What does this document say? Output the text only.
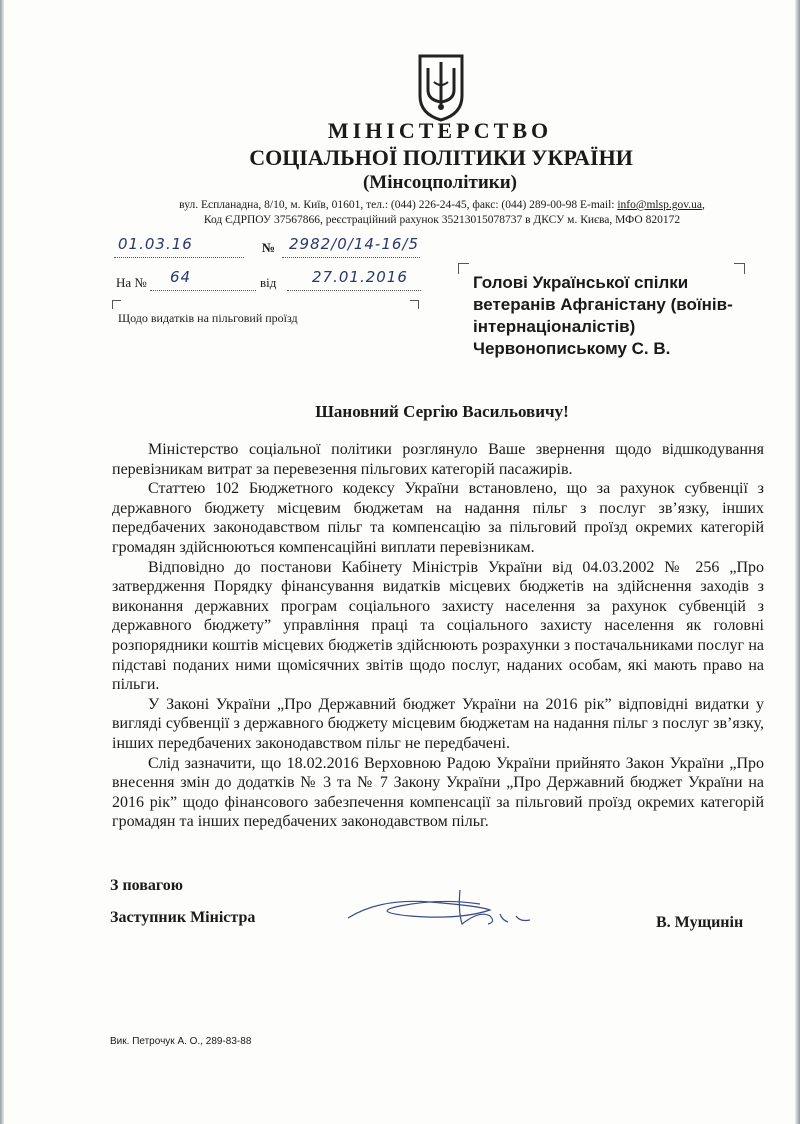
МІНІСТЕРСТВО
СОЦІАЛЬНОЇ ПОЛІТИКИ УКРАЇНИ
(Мінсоцполітики)
вул. Еспланадна, 8/10, м. Київ, 01601, тел.: (044) 226-24-45, факс: (044) 289-00-98 E-mail: info@mlsp.gov.ua,
Код ЄДРПОУ 37567866, реєстраційний рахунок 35213015078737 в ДКСУ м. Києва, МФО 820172
01.03.16	№ 2982/0/14-16/5
На № 64	від 27.01.2016
Щодо видатків на пільговий проїзд
Голові Української спілки
ветеранів Афганістану (воїнів-
інтернаціоналістів)
Червонопиському С. В.
Шановний Сергію Васильовичу!

Міністерство соціальної політики розглянуло Ваше звернення щодо відшкодування перевізникам витрат за перевезення пільгових категорій пасажирів.

Статтею 102 Бюджетного кодексу України встановлено, що за рахунок субвенції з державного бюджету місцевим бюджетам на надання пільг з послуг зв’язку, інших передбачених законодавством пільг та компенсацію за пільговий проїзд окремих категорій громадян здійснюються компенсаційні виплати перевізникам.

Відповідно до постанови Кабінету Міністрів України від 04.03.2002 № 256 „Про затвердження Порядку фінансування видатків місцевих бюджетів на здійснення заходів з виконання державних програм соціального захисту населення за рахунок субвенцій з державного бюджету” управління праці та соціального захисту населення як головні розпорядники коштів місцевих бюджетів здійснюють розрахунки з постачальниками послуг на підставі поданих ними щомісячних звітів щодо послуг, наданих особам, які мають право на пільги.

У Законі України „Про Державний бюджет України на 2016 рік” відповідні видатки у вигляді субвенції з державного бюджету місцевим бюджетам на надання пільг з послуг зв’язку, інших передбачених законодавством пільг не передбачені.

Слід зазначити, що 18.02.2016 Верховною Радою України прийнято Закон України „Про внесення змін до додатків № 3 та № 7 Закону України „Про Державний бюджет України на 2016 рік” щодо фінансового забезпечення компенсації за пільговий проїзд окремих категорій громадян та інших передбачених законодавством пільг.

З повагою
Заступник Міністра	В. Мущинін
Вик. Петрочук А. О., 289-83-88
